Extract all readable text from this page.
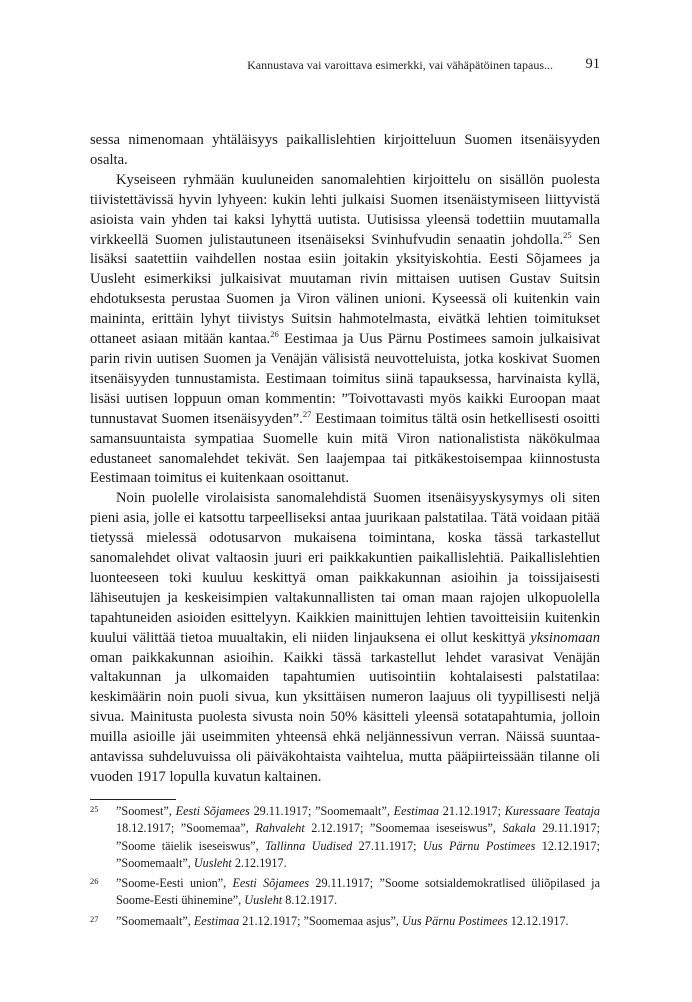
Kannustava vai varoittava esimerkki, vai vähäpätöinen tapaus... 91

sessa nimenomaan yhtäläisyys paikallislehtien kirjoitteluun Suomen itsenäisyyden osalta.

Kyseiseen ryhmään kuuluneiden sanomalehtien kirjoittelu on sisällön puolesta tiivistettävissä hyvin lyhyeen: kukin lehti julkaisi Suomen itsenäistymiseen liittyvistä asioista vain yhden tai kaksi lyhyttä uutista. Uutisissa yleensä todettiin muutamalla virkkeellä Suomen julistautuneen itsenäiseksi Svinhufvudin senaatin johdolla.$^{25}$ Sen lisäksi saatettiin vaihdellen nostaa esiin joitakin yksityiskohtia. Eesti Sõjamees ja Uusleht esimerkiksi julkaisivat muutaman rivin mittaisen uutisen Gustav Suitsin ehdotuksesta perustaa Suomen ja Viron välinen unioni. Kyseessä oli kuitenkin vain maininta, erittäin lyhyt tiivistys Suitsin hahmotelmasta, eivätkä lehtien toimitukset ottaneet asiaan mitään kantaa.$^{26}$ Eestimaa ja Uus Pärnu Postimees samoin julkaisivat parin rivin uutisen Suomen ja Venäjän välisistä neuvotteluista, jotka koskivat Suomen itsenäisyyden tunnustamista. Eestimaan toimitus siinä tapauksessa, harvinaista kyllä, lisäsi uutisen loppuun oman kommentin: ”Toivottavasti myös kaikki Euroopan maat tunnustavat Suomen itsenäisyyden”.$^{27}$ Eestimaan toimitus tältä osin hetkellisesti osoitti samansuuntaista sympatiaa Suomelle kuin mitä Viron nationalistista näkökulmaa edustaneet sanomalehdet tekivät. Sen laajempaa tai pitkäkestoisempaa kiinnostusta Eestimaan toimitus ei kuitenkaan osoittanut.

Noin puolelle virolaisista sanomalehdistä Suomen itsenäisyyskysymys oli siten pieni asia, jolle ei katsottu tarpeelliseksi antaa juurikaan palstatilaa. Tätä voidaan pitää tietyssä mielessä odotusarvon mukaisena toimintana, koska tässä tarkastellut sanomalehdet olivat valtaosin juuri eri paikkakuntien paikallislehtiä. Paikallislehtien luonteeseen toki kuuluu keskittyä oman paikkakunnan asioihin ja toissijaisesti lähiseutujen ja keskeisimpien valtakunnallisten tai oman maan rajojen ulkopuolella tapahtuneiden asioiden esittelyyn. Kaikkien mainittujen lehtien tavoitteisiin kuitenkin kuului välittää tietoa muualtakin, eli niiden linjauksena ei ollut keskittyä yksinomaan oman paikkakunnan asioihin. Kaikki tässä tarkastellut lehdet varasivat Venäjän valtakunnan ja ulkomaiden tapahtumien uutisointiin kohtalaisesti palstatilaa: keskimäärin noin puoli sivua, kun yksittäisen numeron laajuus oli tyypillisesti neljä sivua. Mainitusta puolesta sivusta noin 50% käsitteli yleensä sotatapahtumia, jolloin muilla asioille jäi useimmiten yhteensä ehkä neljännessivun verran. Näissä suuntaa-antavissa suhdeluvuissa oli päiväkohtaista vaihtelua, mutta pääpiirteissään tilanne oli vuoden 1917 lopulla kuvatun kaltainen.

25 ”Soomest”, Eesti Sõjamees 29.11.1917; ”Soomemaalt”, Eestimaa 21.12.1917; Kuressaare Teataja 18.12.1917; ”Soomemaa”, Rahvaleht 2.12.1917; ”Soomemaa iseseiswus”, Sakala 29.11.1917; ”Soome täielik iseseiswus”, Tallinna Uudised 27.11.1917; Uus Pärnu Postimees 12.12.1917; ”Soomemaalt”, Uusleht 2.12.1917.
26 ”Soome-Eesti union”, Eesti Sõjamees 29.11.1917; ”Soome sotsialdemokratlised üliõpilased ja Soome-Eesti ühinemine”, Uusleht 8.12.1917.
27 ”Soomemaalt”, Eestimaa 21.12.1917; ”Soomemaa asjus”, Uus Pärnu Postimees 12.12.1917.
